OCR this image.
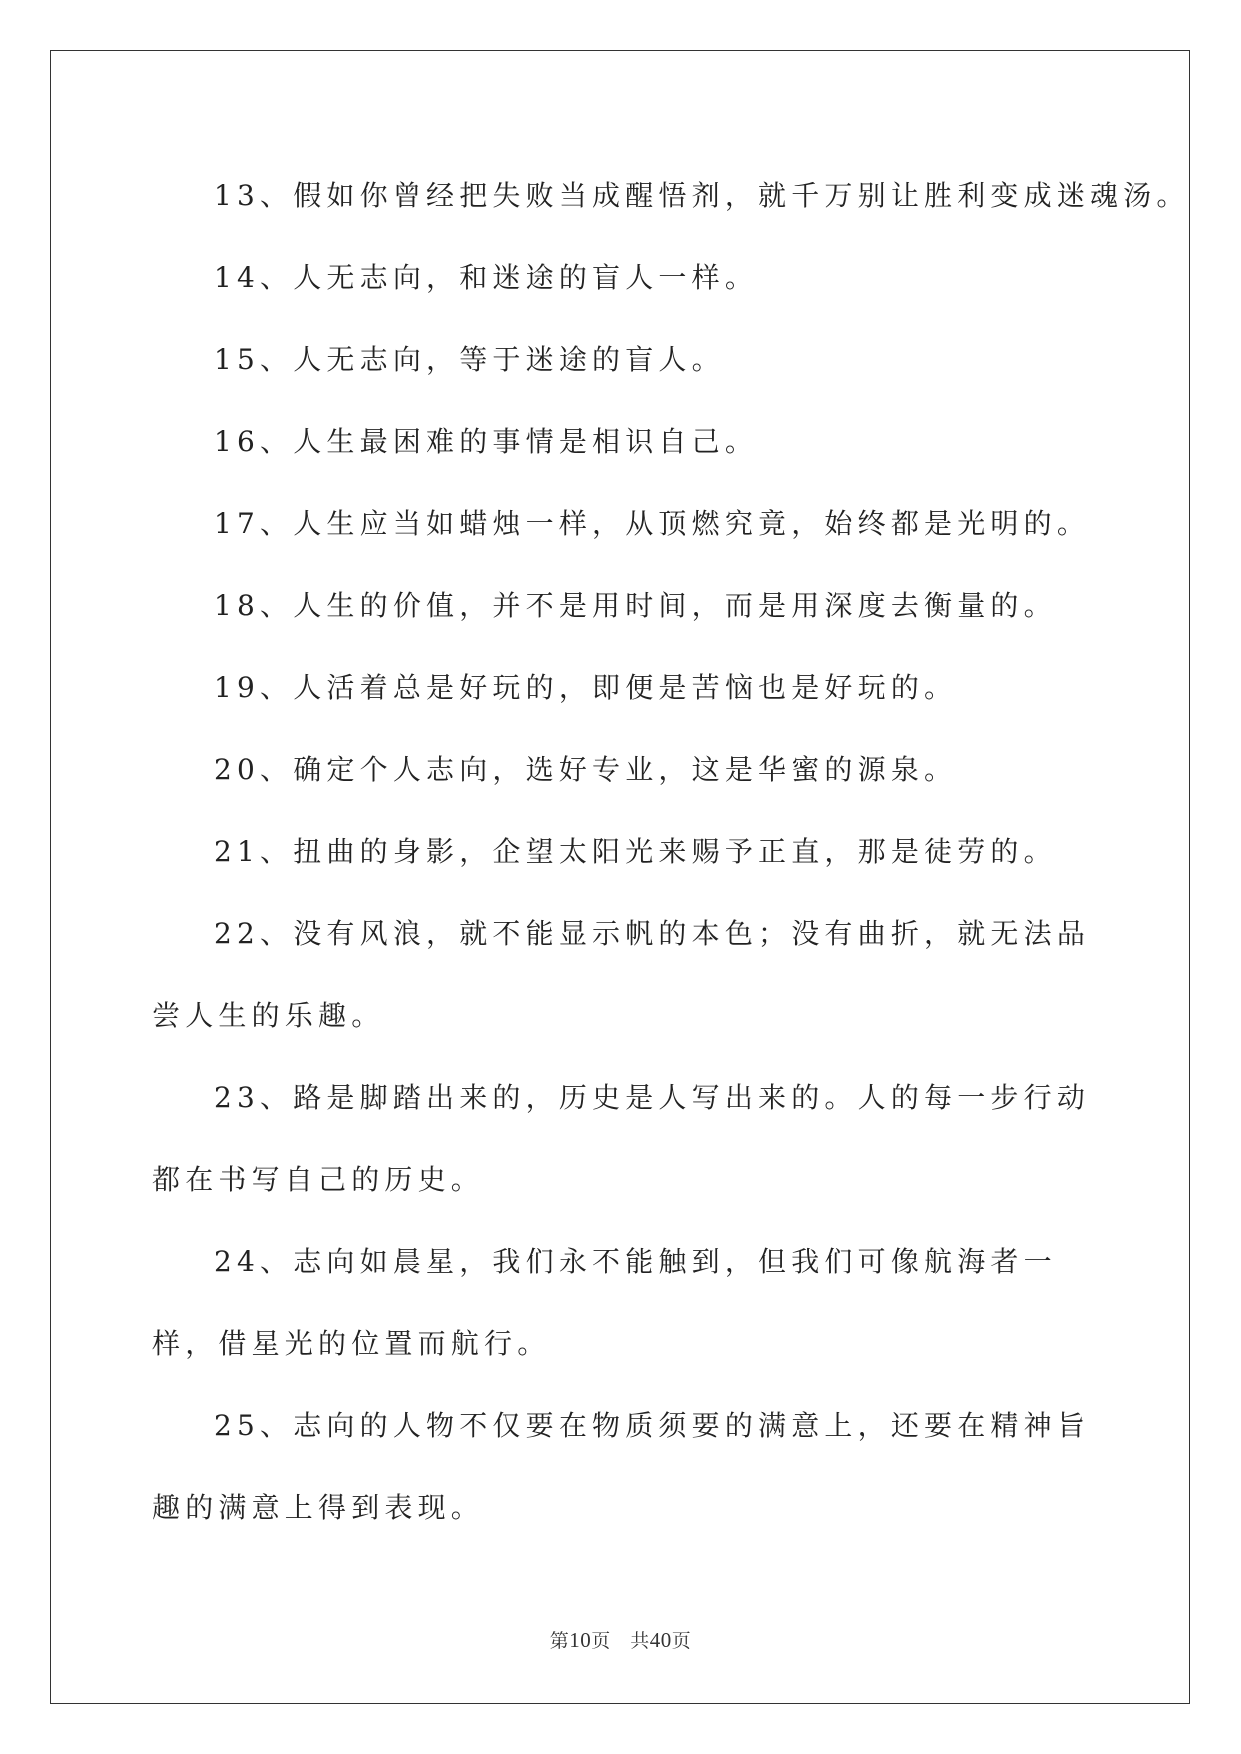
13、假如你曾经把失败当成醒悟剂，就千万别让胜利变成迷魂汤。

14、人无志向，和迷途的盲人一样。

15、人无志向，等于迷途的盲人。

16、人生最困难的事情是相识自己。

17、人生应当如蜡烛一样，从顶燃究竟，始终都是光明的。

18、人生的价值，并不是用时间，而是用深度去衡量的。

19、人活着总是好玩的，即便是苦恼也是好玩的。

20、确定个人志向，选好专业，这是华蜜的源泉。

21、扭曲的身影，企望太阳光来赐予正直，那是徒劳的。

22、没有风浪，就不能显示帆的本色；没有曲折，就无法品尝人生的乐趣。

23、路是脚踏出来的，历史是人写出来的。人的每一步行动都在书写自己的历史。

24、志向如晨星，我们永不能触到，但我们可像航海者一样，借星光的位置而航行。

25、志向的人物不仅要在物质须要的满意上，还要在精神旨趣的满意上得到表现。

第10页　共40页
